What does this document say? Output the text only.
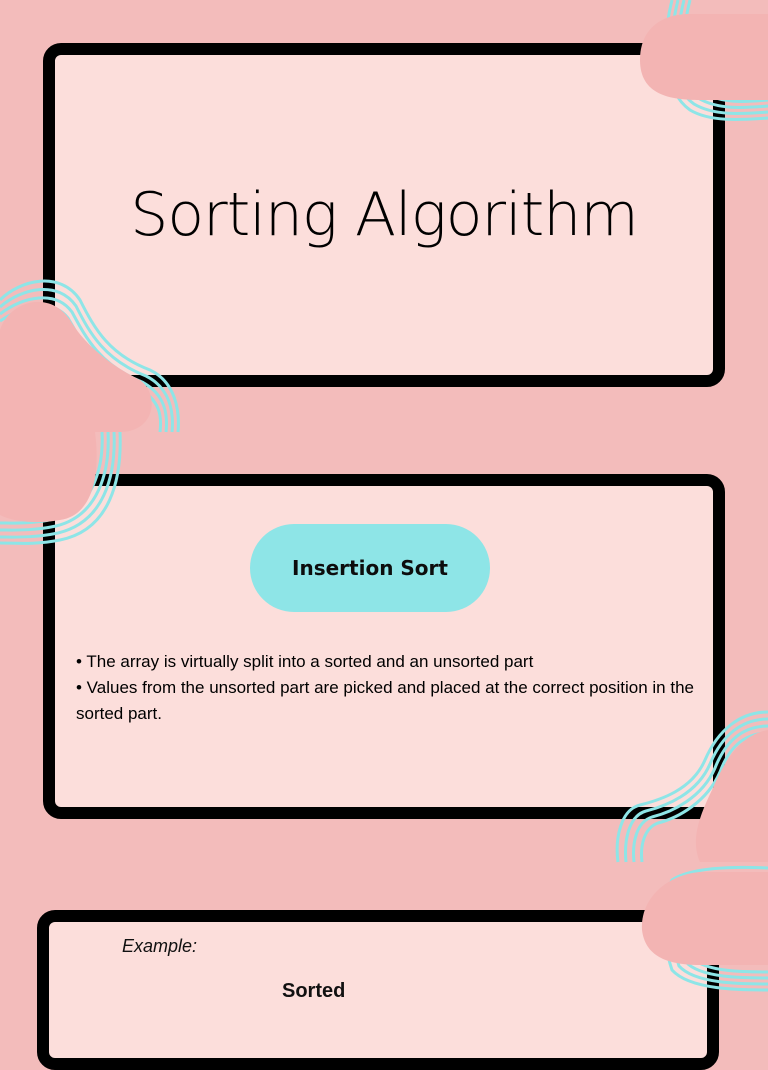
Sorting Algorithm
Insertion Sort
• The array is virtually split into a sorted and an unsorted part
• Values from the unsorted part are picked and placed at the correct position in the sorted part.
Example:
Sorted
